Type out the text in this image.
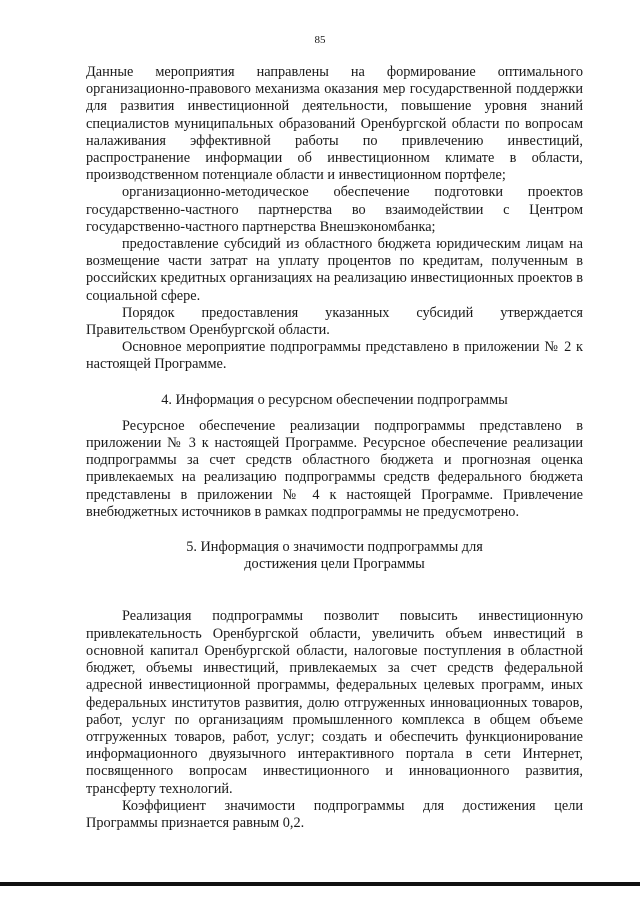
85

Данные мероприятия направлены на формирование оптимального организационно-правового механизма оказания мер государственной поддержки для развития инвестиционной деятельности, повышение уровня знаний специалистов муниципальных образований Оренбургской области по вопросам налаживания эффективной работы по привлечению инвестиций, распространение информации об инвестиционном климате в области, производственном потенциале области и инвестиционном портфеле;

организационно-методическое обеспечение подготовки проектов государственно-частного партнерства во взаимодействии с Центром государственно-частного партнерства Внешэкономбанка;

предоставление субсидий из областного бюджета юридическим лицам на возмещение части затрат на уплату процентов по кредитам, полученным в российских кредитных организациях на реализацию инвестиционных проектов в социальной сфере.

Порядок предоставления указанных субсидий утверждается Правительством Оренбургской области.

Основное мероприятие подпрограммы представлено в приложении № 2 к настоящей Программе.

4. Информация о ресурсном обеспечении подпрограммы

Ресурсное обеспечение реализации подпрограммы представлено в приложении № 3 к настоящей Программе. Ресурсное обеспечение реализации подпрограммы за счет средств областного бюджета и прогнозная оценка привлекаемых на реализацию подпрограммы средств федерального бюджета представлены в приложении № 4 к настоящей Программе. Привлечение внебюджетных источников в рамках подпрограммы не предусмотрено.

5. Информация о значимости подпрограммы для
достижения цели Программы

Реализация подпрограммы позволит повысить инвестиционную привлекательность Оренбургской области, увеличить объем инвестиций в основной капитал Оренбургской области, налоговые поступления в областной бюджет, объемы инвестиций, привлекаемых за счет средств федеральной адресной инвестиционной программы, федеральных целевых программ, иных федеральных институтов развития, долю отгруженных инновационных товаров, работ, услуг по организациям промышленного комплекса в общем объеме отгруженных товаров, работ, услуг; создать и обеспечить функционирование информационного двуязычного интерактивного портала в сети Интернет, посвященного вопросам инвестиционного и инновационного развития, трансферту технологий.

Коэффициент значимости подпрограммы для достижения цели Программы признается равным 0,2.
